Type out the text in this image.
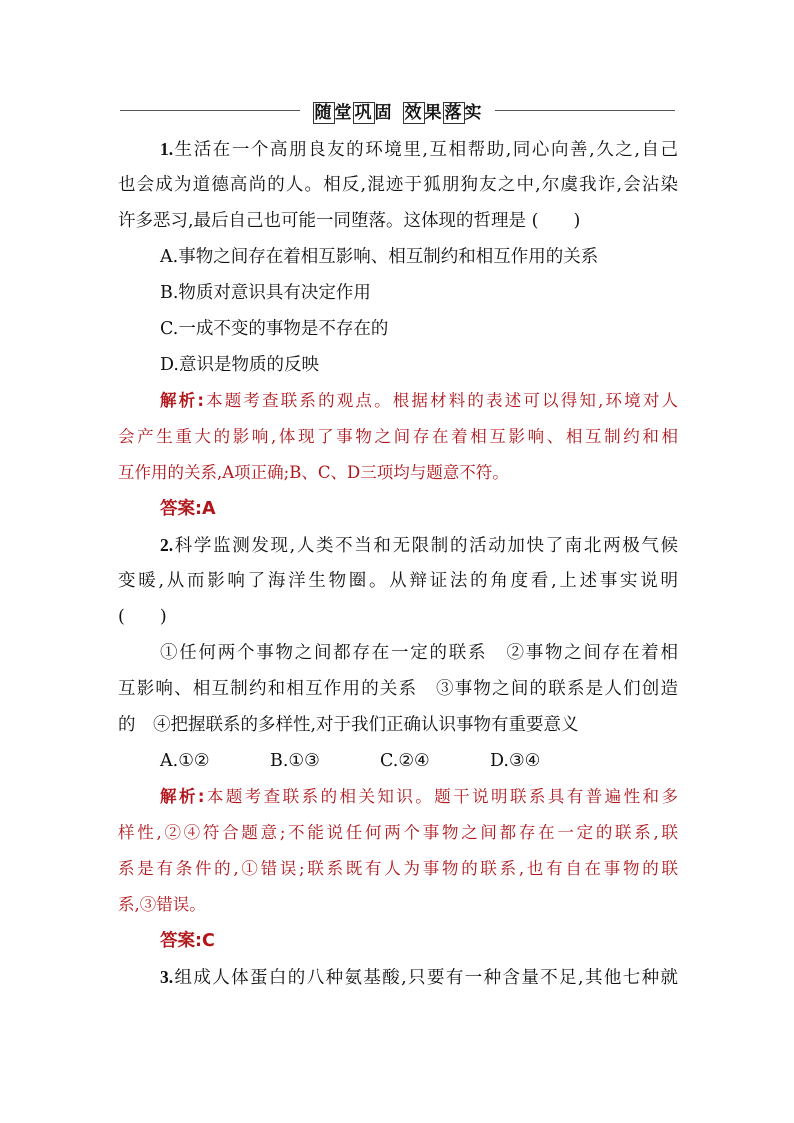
随 堂 巩 固 效 果 落 实
1.生活在一个高朋良友的环境里,互相帮助,同心向善,久之,自己
也会成为道德高尚的人。相反,混迹于狐朋狗友之中,尔虞我诈,会沾染
许多恶习,最后自己也可能一同堕落。这体现的哲理是 (　　)
A.事物之间存在着相互影响、相互制约和相互作用的关系
B.物质对意识具有决定作用
C.一成不变的事物是不存在的
D.意识是物质的反映
解析:本题考查联系的观点。根据材料的表述可以得知,环境对人
会产生重大的影响,体现了事物之间存在着相互影响、相互制约和相
互作用的关系,A项正确;B、C、D三项均与题意不符。
答案:A
2.科学监测发现,人类不当和无限制的活动加快了南北两极气候
变暖,从而影响了海洋生物圈。从辩证法的角度看,上述事实说明
(　　)
①任何两个事物之间都存在一定的联系　②事物之间存在着相
互影响、相互制约和相互作用的关系　③事物之间的联系是人们创造
的　④把握联系的多样性,对于我们正确认识事物有重要意义
A.①②	B.①③	C.②④	D.③④
解析:本题考查联系的相关知识。题干说明联系具有普遍性和多
样性,②④符合题意;不能说任何两个事物之间都存在一定的联系,联
系是有条件的,①错误;联系既有人为事物的联系,也有自在事物的联
系,③错误。
答案:C
3.组成人体蛋白的八种氨基酸,只要有一种含量不足,其他七种就
